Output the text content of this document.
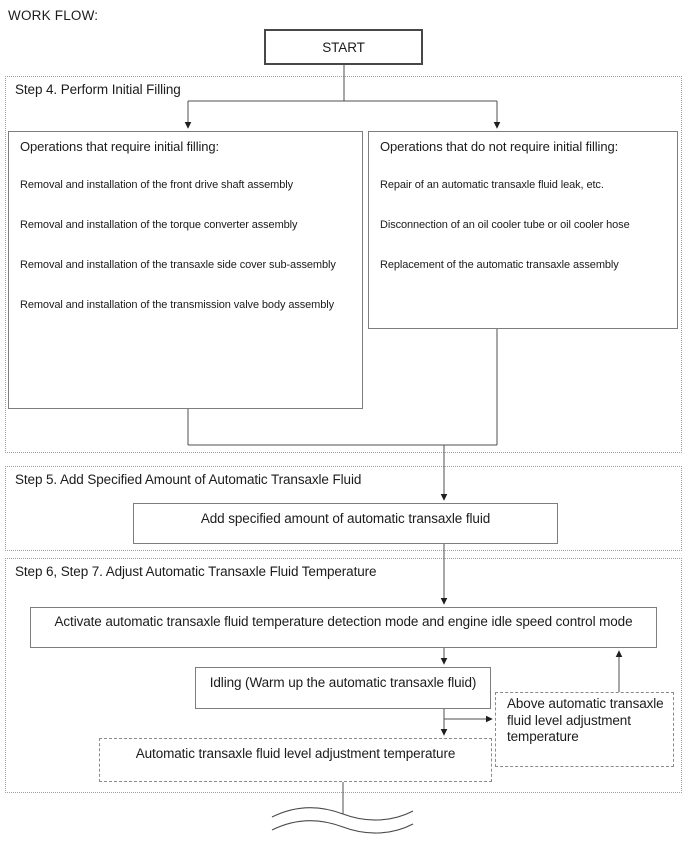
WORK FLOW:
START
Step 4. Perform Initial Filling
Operations that require initial filling:
Removal and installation of the front drive shaft assembly
Removal and installation of the torque converter assembly
Removal and installation of the transaxle side cover sub-assembly
Removal and installation of the transmission valve body assembly
Operations that do not require initial filling:
Repair of an automatic transaxle fluid leak, etc.
Disconnection of an oil cooler tube or oil cooler hose
Replacement of the automatic transaxle assembly
Step 5. Add Specified Amount of Automatic Transaxle Fluid
Add specified amount of automatic transaxle fluid
Step 6, Step 7. Adjust Automatic Transaxle Fluid Temperature
Activate automatic transaxle fluid temperature detection mode and engine idle speed control mode
Idling (Warm up the automatic transaxle fluid)
Above automatic transaxle fluid level adjustment temperature
Automatic transaxle fluid level adjustment temperature
